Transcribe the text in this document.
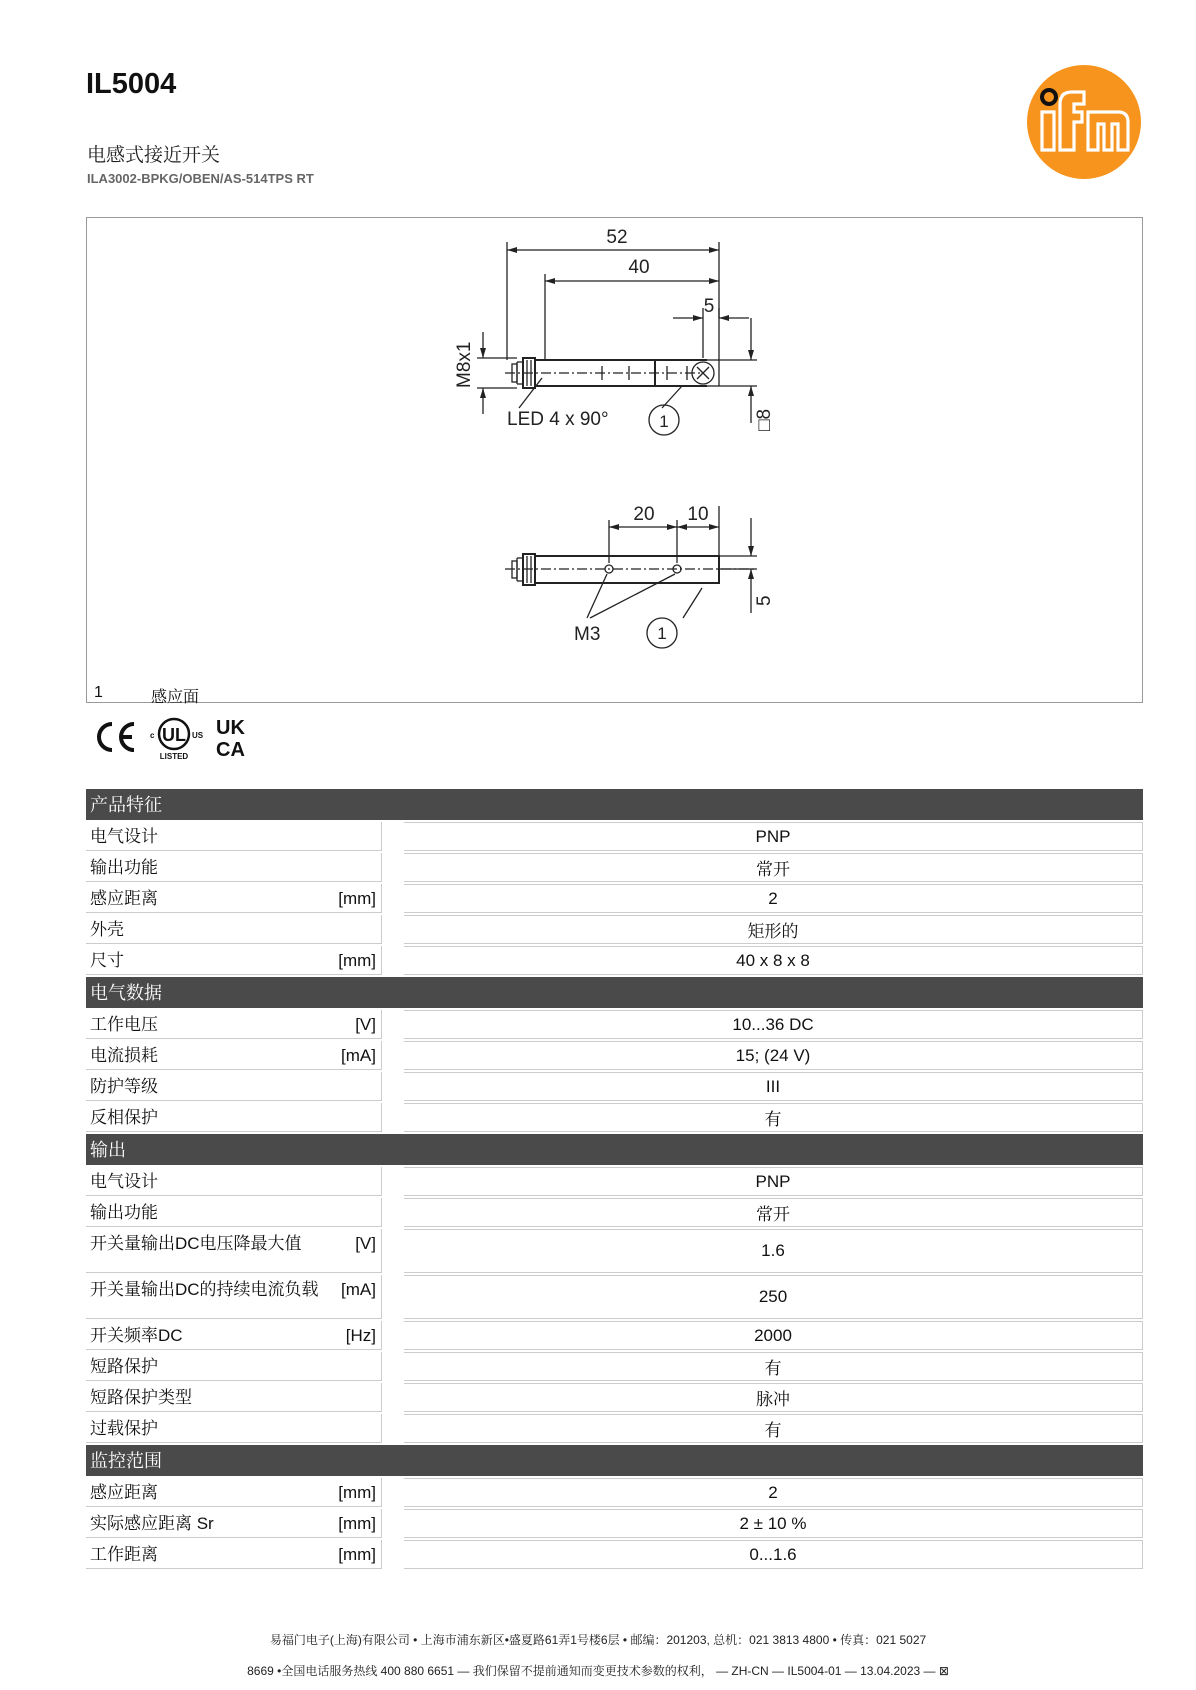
IL5004
电感式接近开关
ILA3002-BPKG/OBEN/AS-514TPS RT
52
40
5
M8x1
LED 4 x 90°	□8
1
20 10
5
M3	1
1	感应面
UL
c	US
LISTED
UK
CA
产品特征
电气设计	PNP
输出功能	常开
感应距离	[mm]	2
外壳	矩形的
尺寸	[mm]	40 x 8 x 8
电气数据
工作电压	[V]	10...36 DC
电流损耗	[mA]	15; (24 V)
防护等级	III
反相保护	有
输出
电气设计	PNP
输出功能	常开
开关量输出DC电压降最大值	[V]	1.6
开关量输出DC的持续电流负载	[mA]	250
开关频率DC	[Hz]	2000
短路保护	有
短路保护类型	脉冲
过载保护	有
监控范围
感应距离	[mm]	2
实际感应距离 Sr	[mm]	2 ± 10 %
工作距离	[mm]	0...1.6
易福门电子(上海)有限公司 • 上海市浦东新区•盛夏路61弄1号楼6层 • 邮编：201203, 总机：021 3813 4800 • 传真：021 5027
8669 •全国电话服务热线 400 880 6651 — 我们保留不提前通知而变更技术参数的权利， — ZH-CN — IL5004-01 — 13.04.2023 — ⊠
